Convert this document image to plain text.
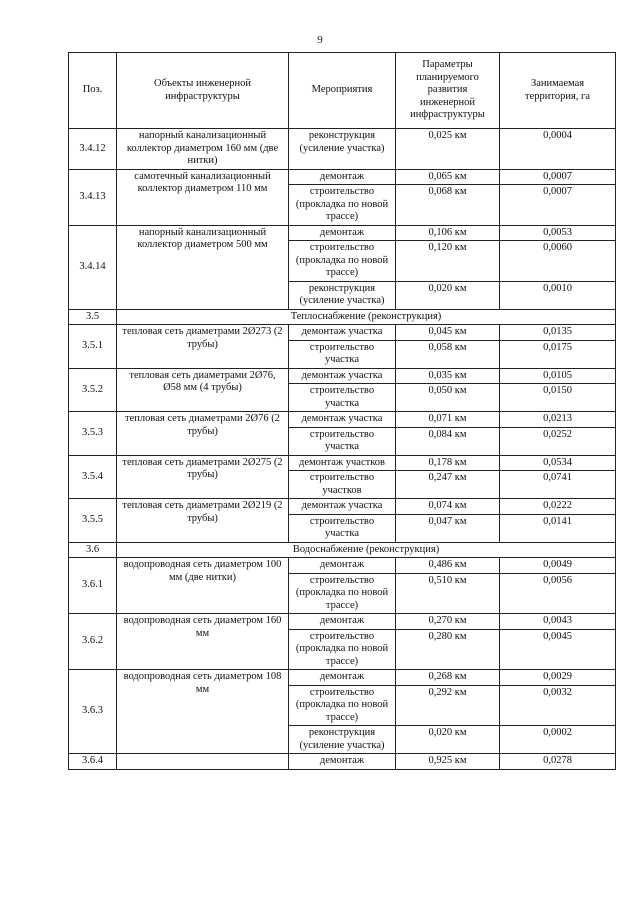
9
Поз.	Объекты инженерной инфраструктуры	Мероприятия	Параметры планируемого развития инженерной инфраструктуры	Занимаемая территория, га
3.4.12	напорный канализационный коллектор диаметром 160 мм (две нитки)	реконструкция (усиление участка)	0,025 км	0,0004
3.4.13	самотечный канализационный коллектор диаметром 110 мм	демонтаж	0,065 км	0,0007
		строительство (прокладка по новой трассе)	0,068 км	0,0007
3.4.14	напорный канализационный коллектор диаметром 500 мм	демонтаж	0,106 км	0,0053
		строительство (прокладка по новой трассе)	0,120 км	0,0060
		реконструкция (усиление участка)	0,020 км	0,0010
3.5	Теплоснабжение (реконструкция)			
3.5.1	тепловая сеть диаметрами 2Ø273 (2 трубы)	демонтаж участка	0,045 км	0,0135
		строительство участка	0,058 км	0,0175
3.5.2	тепловая сеть диаметрами 2Ø76, Ø58 мм (4 трубы)	демонтаж участка	0,035 км	0,0105
		строительство участка	0,050 км	0,0150
3.5.3	тепловая сеть диаметрами 2Ø76 (2 трубы)	демонтаж участка	0,071 км	0,0213
		строительство участка	0,084 км	0,0252
3.5.4	тепловая сеть диаметрами 2Ø275 (2 трубы)	демонтаж участков	0,178 км	0,0534
		строительство участков	0,247 км	0,0741
3.5.5	тепловая сеть диаметрами 2Ø219 (2 трубы)	демонтаж участка	0,074 км	0,0222
		строительство участка	0,047 км	0,0141
3.6	Водоснабжение (реконструкция)			
3.6.1	водопроводная сеть диаметром 100 мм (две нитки)	демонтаж	0,486 км	0,0049
		строительство (прокладка по новой трассе)	0,510 км	0,0056
3.6.2	водопроводная сеть диаметром 160 мм	демонтаж	0,270 км	0,0043
		строительство (прокладка по новой трассе)	0,280 км	0,0045
3.6.3	водопроводная сеть диаметром 108 мм	демонтаж	0,268 км	0,0029
		строительство (прокладка по новой трассе)	0,292 км	0,0032
		реконструкция (усиление участка)	0,020 км	0,0002
3.6.4		демонтаж	0,925 км	0,0278
